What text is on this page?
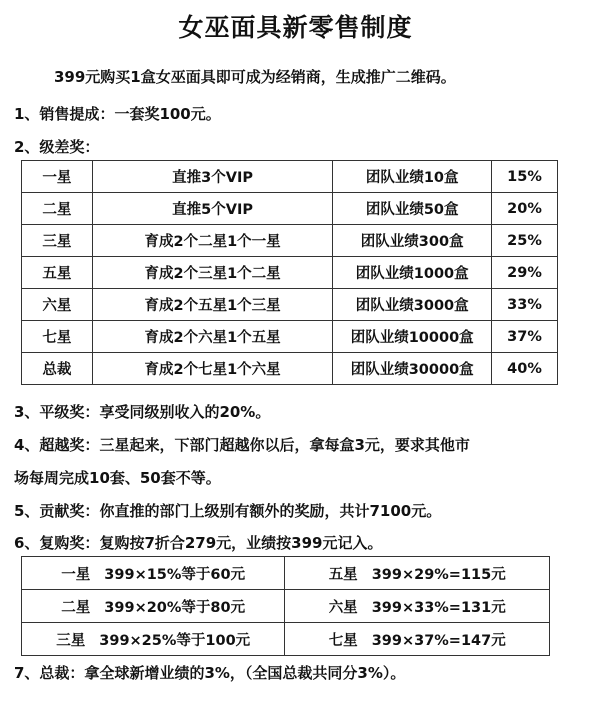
女巫面具新零售制度
399元购买1盒女巫面具即可成为经销商，生成推广二维码。
1、销售提成：一套奖100元。
2、级差奖：
一星	直推3个VIP	团队业绩10盒	15%
二星	直推5个VIP	团队业绩50盒	20%
三星	育成2个二星1个一星	团队业绩300盒	25%
五星	育成2个三星1个二星	团队业绩1000盒	29%
六星	育成2个五星1个三星	团队业绩3000盒	33%
七星	育成2个六星1个五星	团队业绩10000盒	37%
总裁	育成2个七星1个六星	团队业绩30000盒	40%
3、平级奖：享受同级别收入的20%。
4、超越奖：三星起来，下部门超越你以后，拿每盒3元，要求其他市
场每周完成10套、50套不等。
5、贡献奖：你直推的部门上级别有额外的奖励，共计7100元。
6、复购奖：复购按7折合279元，业绩按399元记入。
一星 399×15%等于60元	五星 399×29%=115元
二星 399×20%等于80元	六星 399×33%=131元
三星 399×25%等于100元	七星 399×37%=147元
7、总裁：拿全球新增业绩的3%，（全国总裁共同分3%）。
